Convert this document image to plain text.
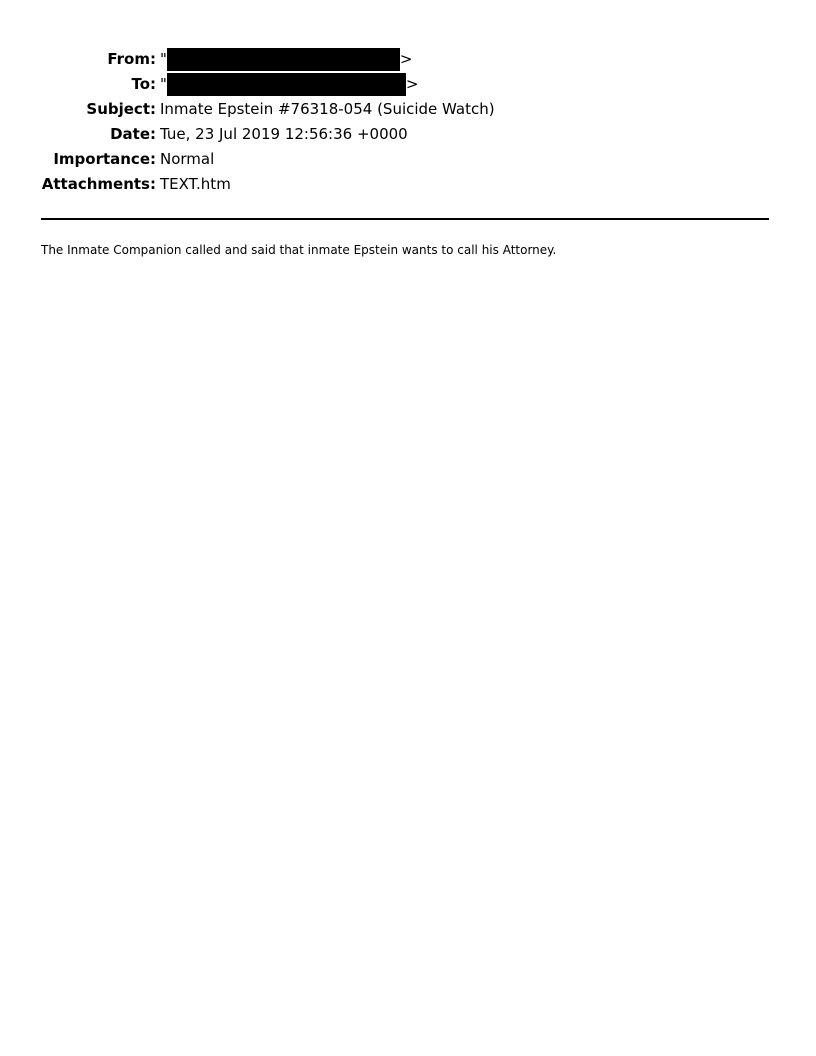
From: "	>
To: "	>
Subject: Inmate Epstein #76318-054 (Suicide Watch)
Date: Tue, 23 Jul 2019 12:56:36 +0000
Importance: Normal
Attachments: TEXT.htm
The Inmate Companion called and said that inmate Epstein wants to call his Attorney.
